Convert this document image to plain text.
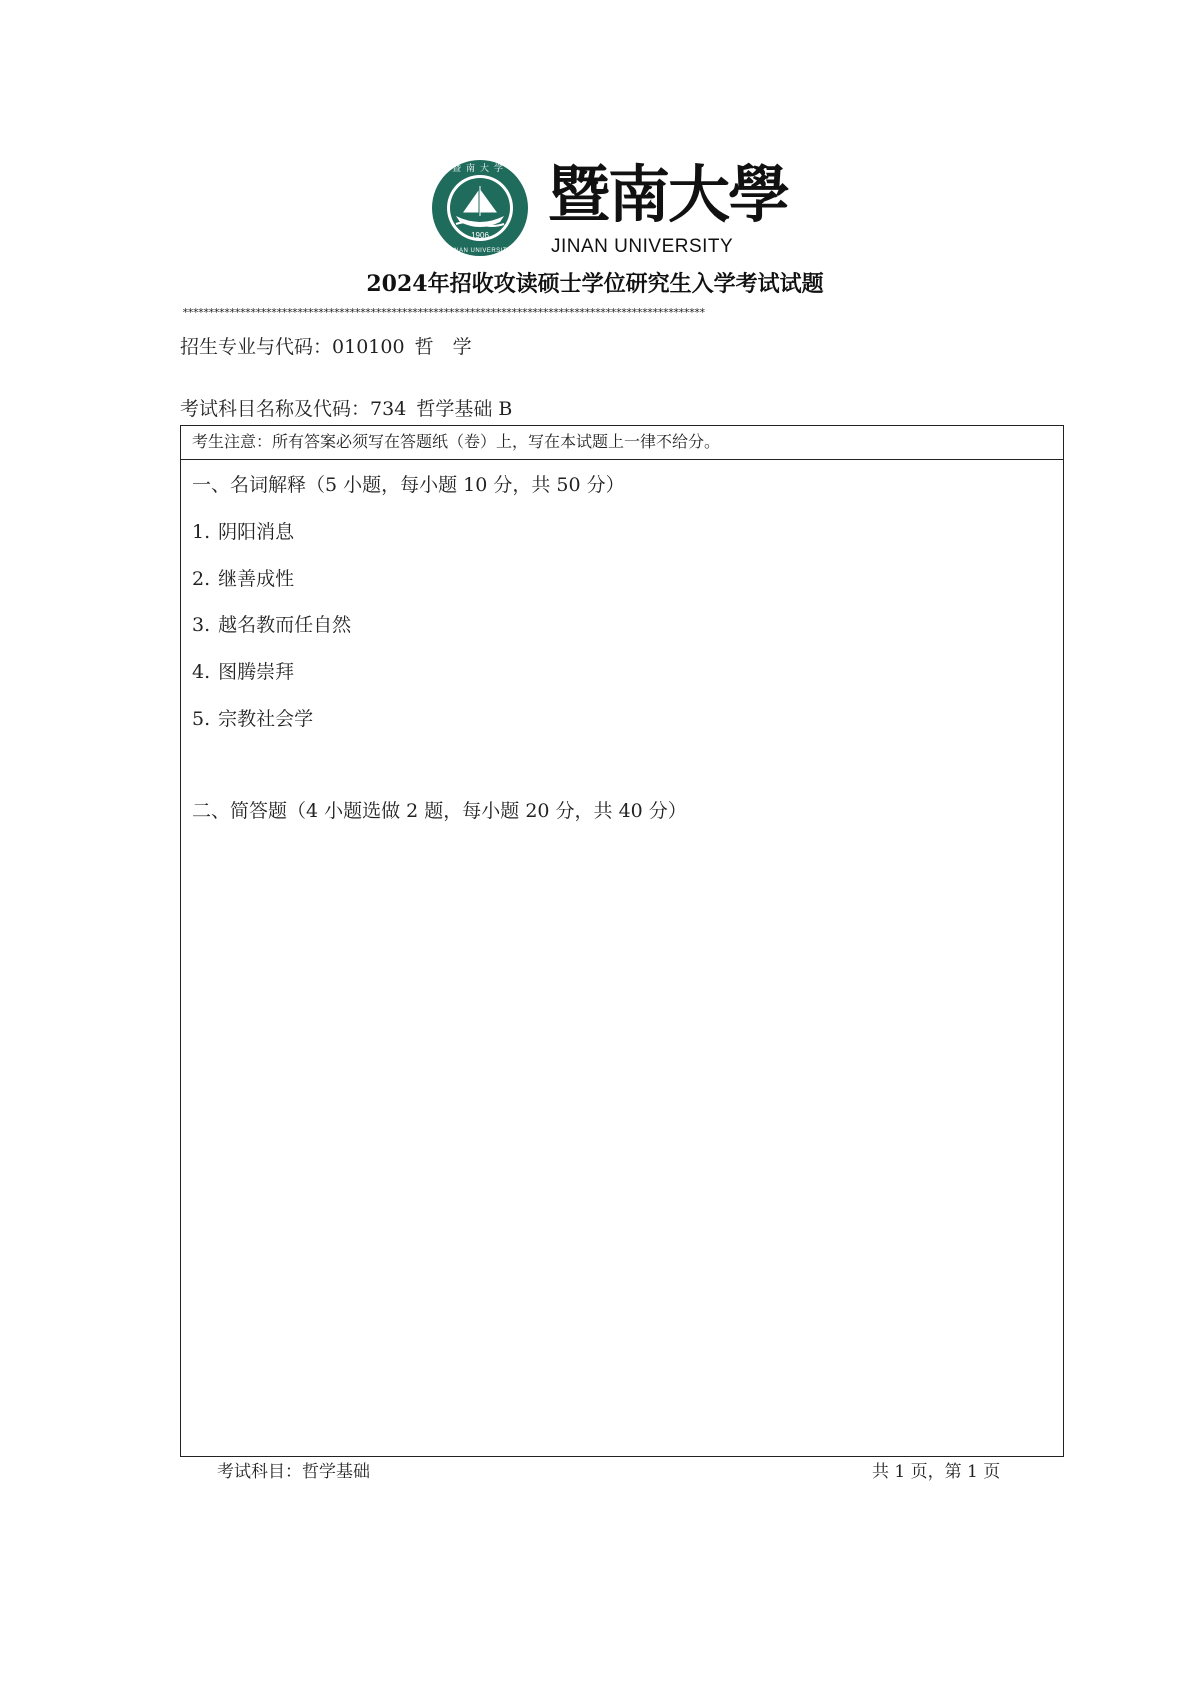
1906
暨南大学
JINAN UNIVERSITY
暨南大學
JINAN UNIVERSITY
2024年招收攻读硕士学位研究生入学考试试题
****************************************************************************************************
招生专业与代码：010100 哲　学
考试科目名称及代码：734 哲学基础 B
考生注意：所有答案必须写在答题纸（卷）上，写在本试题上一律不给分。
一、名词解释（5 小题，每小题 10 分，共 50 分）
1. 阴阳消息
2. 继善成性
3. 越名教而任自然
4. 图腾崇拜
5. 宗教社会学
二、简答题（4 小题选做 2 题，每小题 20 分，共 40 分）
考试科目：哲学基础	共 1 页，第 1 页
